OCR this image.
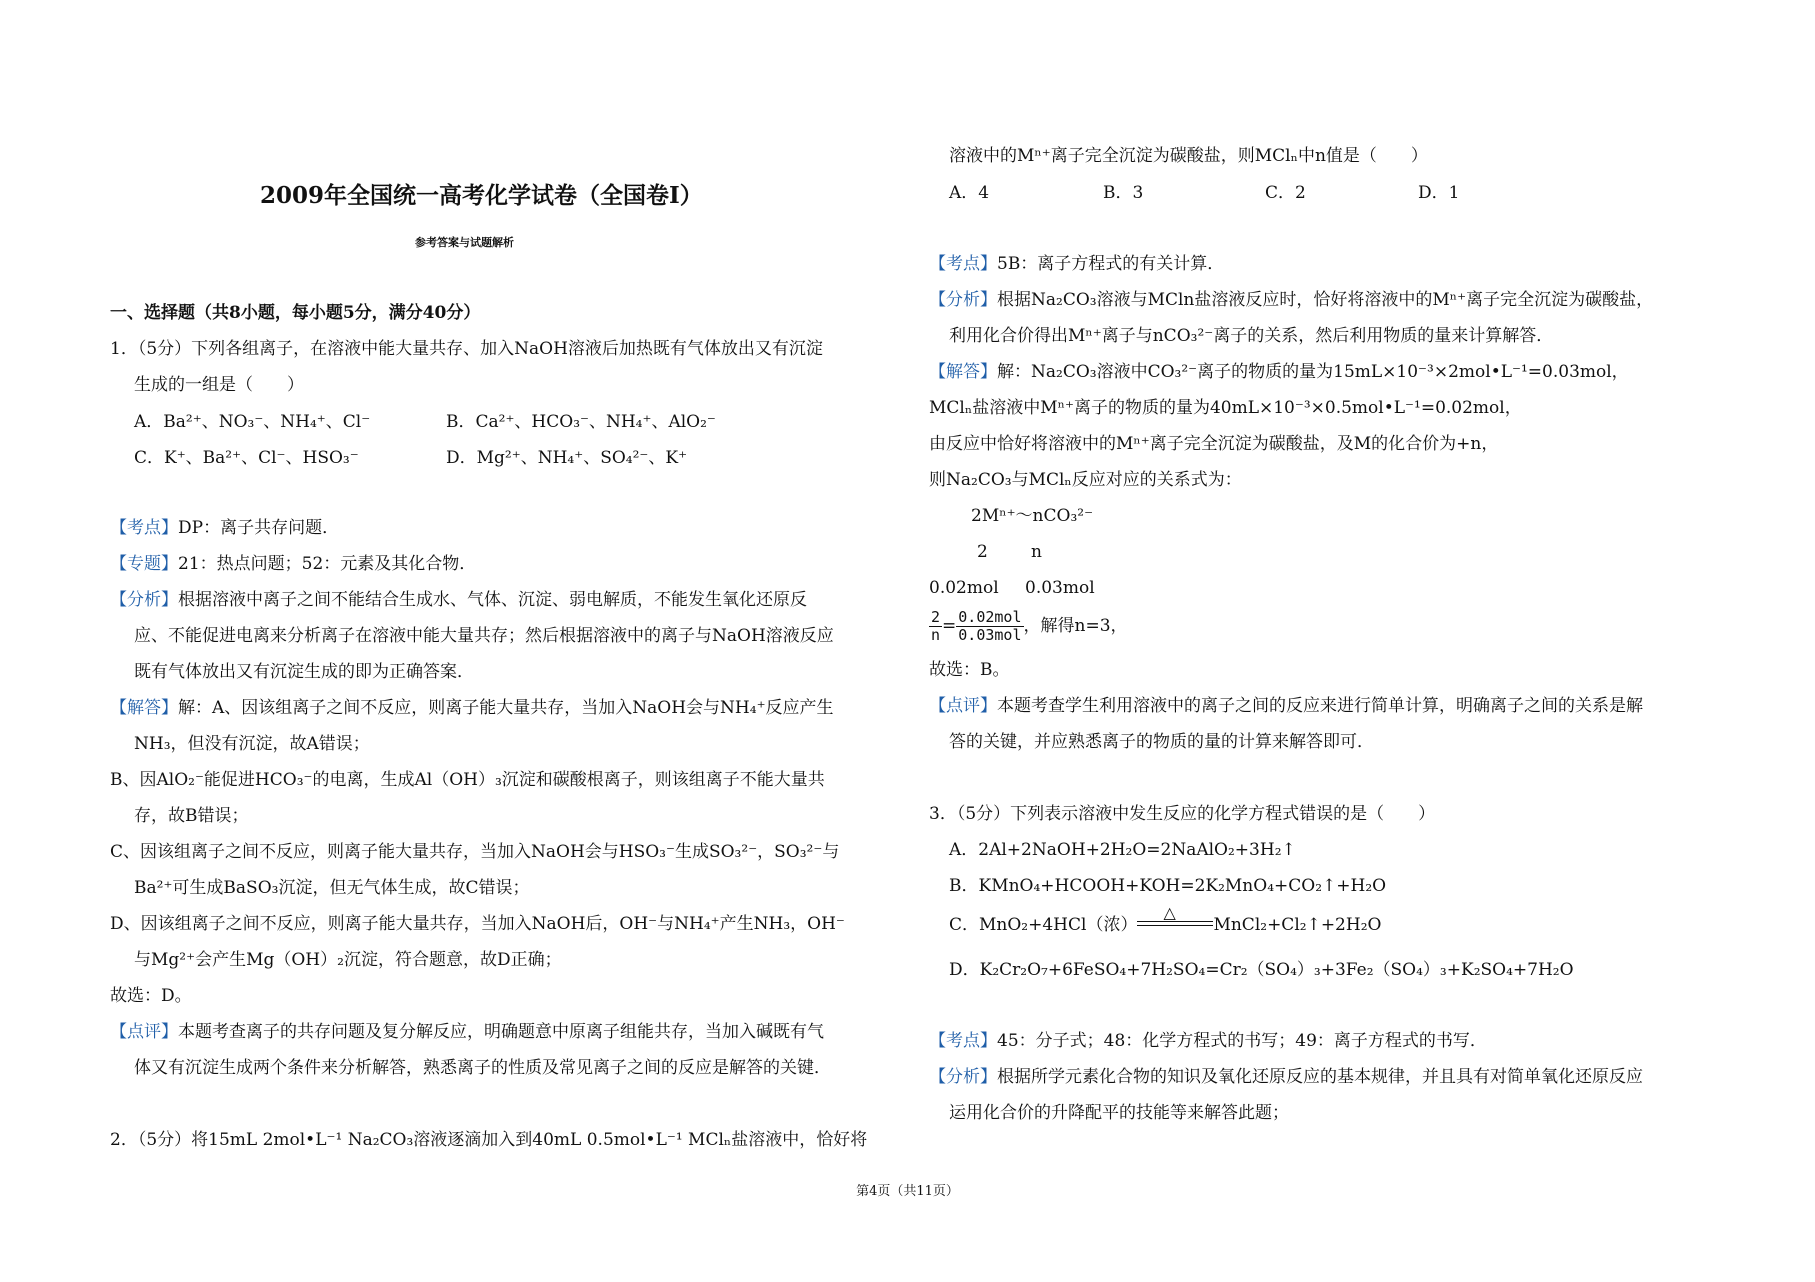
2009年全国统一高考化学试卷（全国卷I）
参考答案与试题解析
一、选择题（共8小题，每小题5分，满分40分）
1．（5分）下列各组离子，在溶液中能大量共存、加入NaOH溶液后加热既有气体放出又有沉淀
生成的一组是（　　）
A．Ba²⁺、NO₃⁻、NH₄⁺、Cl⁻	B．Ca²⁺、HCO₃⁻、NH₄⁺、AlO₂⁻
C．K⁺、Ba²⁺、Cl⁻、HSO₃⁻	D．Mg²⁺、NH₄⁺、SO₄²⁻、K⁺
【考点】DP：离子共存问题．
【专题】21：热点问题；52：元素及其化合物．
【分析】根据溶液中离子之间不能结合生成水、气体、沉淀、弱电解质，不能发生氧化还原反
应、不能促进电离来分析离子在溶液中能大量共存；然后根据溶液中的离子与NaOH溶液反应
既有气体放出又有沉淀生成的即为正确答案．
【解答】解：A、因该组离子之间不反应，则离子能大量共存，当加入NaOH会与NH₄⁺反应产生
NH₃，但没有沉淀，故A错误；
B、因AlO₂⁻能促进HCO₃⁻的电离，生成Al（OH）₃沉淀和碳酸根离子，则该组离子不能大量共
存，故B错误；
C、因该组离子之间不反应，则离子能大量共存，当加入NaOH会与HSO₃⁻生成SO₃²⁻，SO₃²⁻与
Ba²⁺可生成BaSO₃沉淀，但无气体生成，故C错误；
D、因该组离子之间不反应，则离子能大量共存，当加入NaOH后，OH⁻与NH₄⁺产生NH₃，OH⁻
与Mg²⁺会产生Mg（OH）₂沉淀，符合题意，故D正确；
故选：D。
【点评】本题考查离子的共存问题及复分解反应，明确题意中原离子组能共存，当加入碱既有气
体又有沉淀生成两个条件来分析解答，熟悉离子的性质及常见离子之间的反应是解答的关键．
2．（5分）将15mL 2mol•L⁻¹ Na₂CO₃溶液逐滴加入到40mL 0.5mol•L⁻¹ MClₙ盐溶液中，恰好将
溶液中的Mⁿ⁺离子完全沉淀为碳酸盐，则MClₙ中n值是（　　）
A．4	B．3	C．2	D．1
【考点】5B：离子方程式的有关计算．
【分析】根据Na₂CO₃溶液与MCln盐溶液反应时，恰好将溶液中的Mⁿ⁺离子完全沉淀为碳酸盐，
利用化合价得出Mⁿ⁺离子与nCO₃²⁻离子的关系，然后利用物质的量来计算解答．
【解答】解：Na₂CO₃溶液中CO₃²⁻离子的物质的量为15mL×10⁻³×2mol•L⁻¹=0.03mol，
MClₙ盐溶液中Mⁿ⁺离子的物质的量为40mL×10⁻³×0.5mol•L⁻¹=0.02mol，
由反应中恰好将溶液中的Mⁿ⁺离子完全沉淀为碳酸盐，及M的化合价为+n，
则Na₂CO₃与MClₙ反应对应的关系式为：
2Mⁿ⁺～nCO₃²⁻
2	n
0.02mol 0.03mol
$\frac{2}{n} = \frac{\text{0.02mol}}{\text{0.03mol}}$ ，解得n=3，
故选：B。
【点评】本题考查学生利用溶液中的离子之间的反应来进行简单计算，明确离子之间的关系是解
答的关键，并应熟悉离子的物质的量的计算来解答即可．
3．（5分）下列表示溶液中发生反应的化学方程式错误的是（　　）
A．2Al+2NaOH+2H₂O=2NaAlO₂+3H₂↑
B．KMnO₄+HCOOH+KOH=2K₂MnO₄+CO₂↑+H₂O
C．MnO₂+4HCl（浓）
△
MnCl₂+Cl₂↑+2H₂O
D．K₂Cr₂O₇+6FeSO₄+7H₂SO₄=Cr₂（SO₄）₃+3Fe₂（SO₄）₃+K₂SO₄+7H₂O
【考点】45：分子式；48：化学方程式的书写；49：离子方程式的书写．
【分析】根据所学元素化合物的知识及氧化还原反应的基本规律，并且具有对简单氧化还原反应
运用化合价的升降配平的技能等来解答此题；
第4页（共11页）
